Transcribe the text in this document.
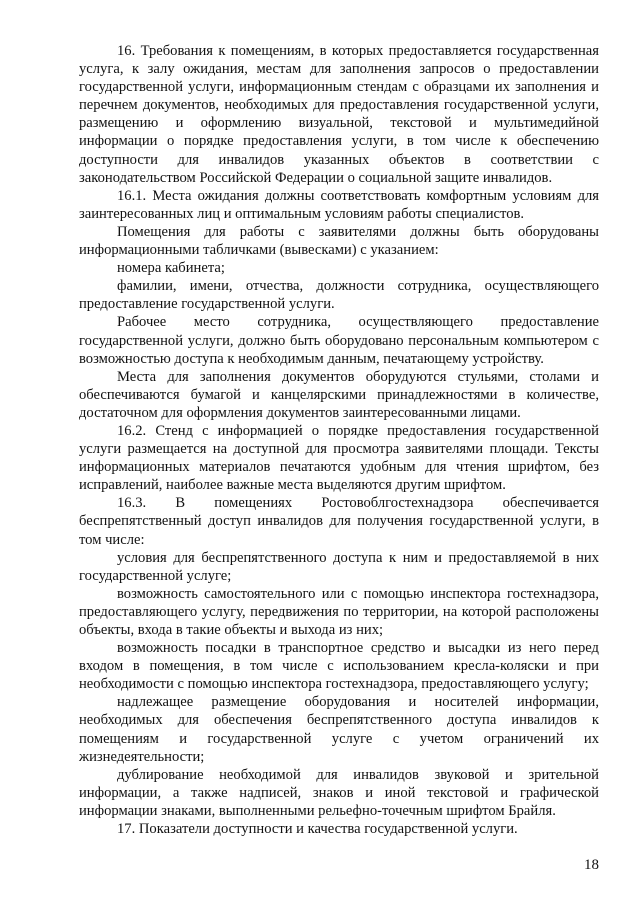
16. Требования к помещениям, в которых предоставляется государственная услуга, к залу ожидания, местам для заполнения запросов о предоставлении государственной услуги, информационным стендам с образцами их заполнения и перечнем документов, необходимых для предоставления государственной услуги, размещению и оформлению визуальной, текстовой и мультимедийной информации о порядке предоставления услуги, в том числе к обеспечению доступности для инвалидов указанных объектов в соответствии с законодательством Российской Федерации о социальной защите инвалидов.

16.1. Места ожидания должны соответствовать комфортным условиям для заинтересованных лиц и оптимальным условиям работы специалистов.

Помещения для работы с заявителями должны быть оборудованы информационными табличками (вывесками) с указанием:

номера кабинета;

фамилии, имени, отчества, должности сотрудника, осуществляющего предоставление государственной услуги.

Рабочее место сотрудника, осуществляющего предоставление государственной услуги, должно быть оборудовано персональным компьютером с возможностью доступа к необходимым данным, печатающему устройству.

Места для заполнения документов оборудуются стульями, столами и обеспечиваются бумагой и канцелярскими принадлежностями в количестве, достаточном для оформления документов заинтересованными лицами.

16.2. Стенд с информацией о порядке предоставления государственной услуги размещается на доступной для просмотра заявителями площади. Тексты информационных материалов печатаются удобным для чтения шрифтом, без исправлений, наиболее важные места выделяются другим шрифтом.

16.3. В помещениях Ростовоблгостехнадзора обеспечивается беспрепятственный доступ инвалидов для получения государственной услуги, в том числе:

условия для беспрепятственного доступа к ним и предоставляемой в них государственной услуге;

возможность самостоятельного или с помощью инспектора гостехнадзора, предоставляющего услугу, передвижения по территории, на которой расположены объекты, входа в такие объекты и выхода из них;

возможность посадки в транспортное средство и высадки из него перед входом в помещения, в том числе с использованием кресла-коляски и при необходимости с помощью инспектора гостехнадзора, предоставляющего услугу;

надлежащее размещение оборудования и носителей информации, необходимых для обеспечения беспрепятственного доступа инвалидов к помещениям и государственной услуге с учетом ограничений их жизнедеятельности;

дублирование необходимой для инвалидов звуковой и зрительной информации, а также надписей, знаков и иной текстовой и графической информации знаками, выполненными рельефно-точечным шрифтом Брайля.

17. Показатели доступности и качества государственной услуги.

18
